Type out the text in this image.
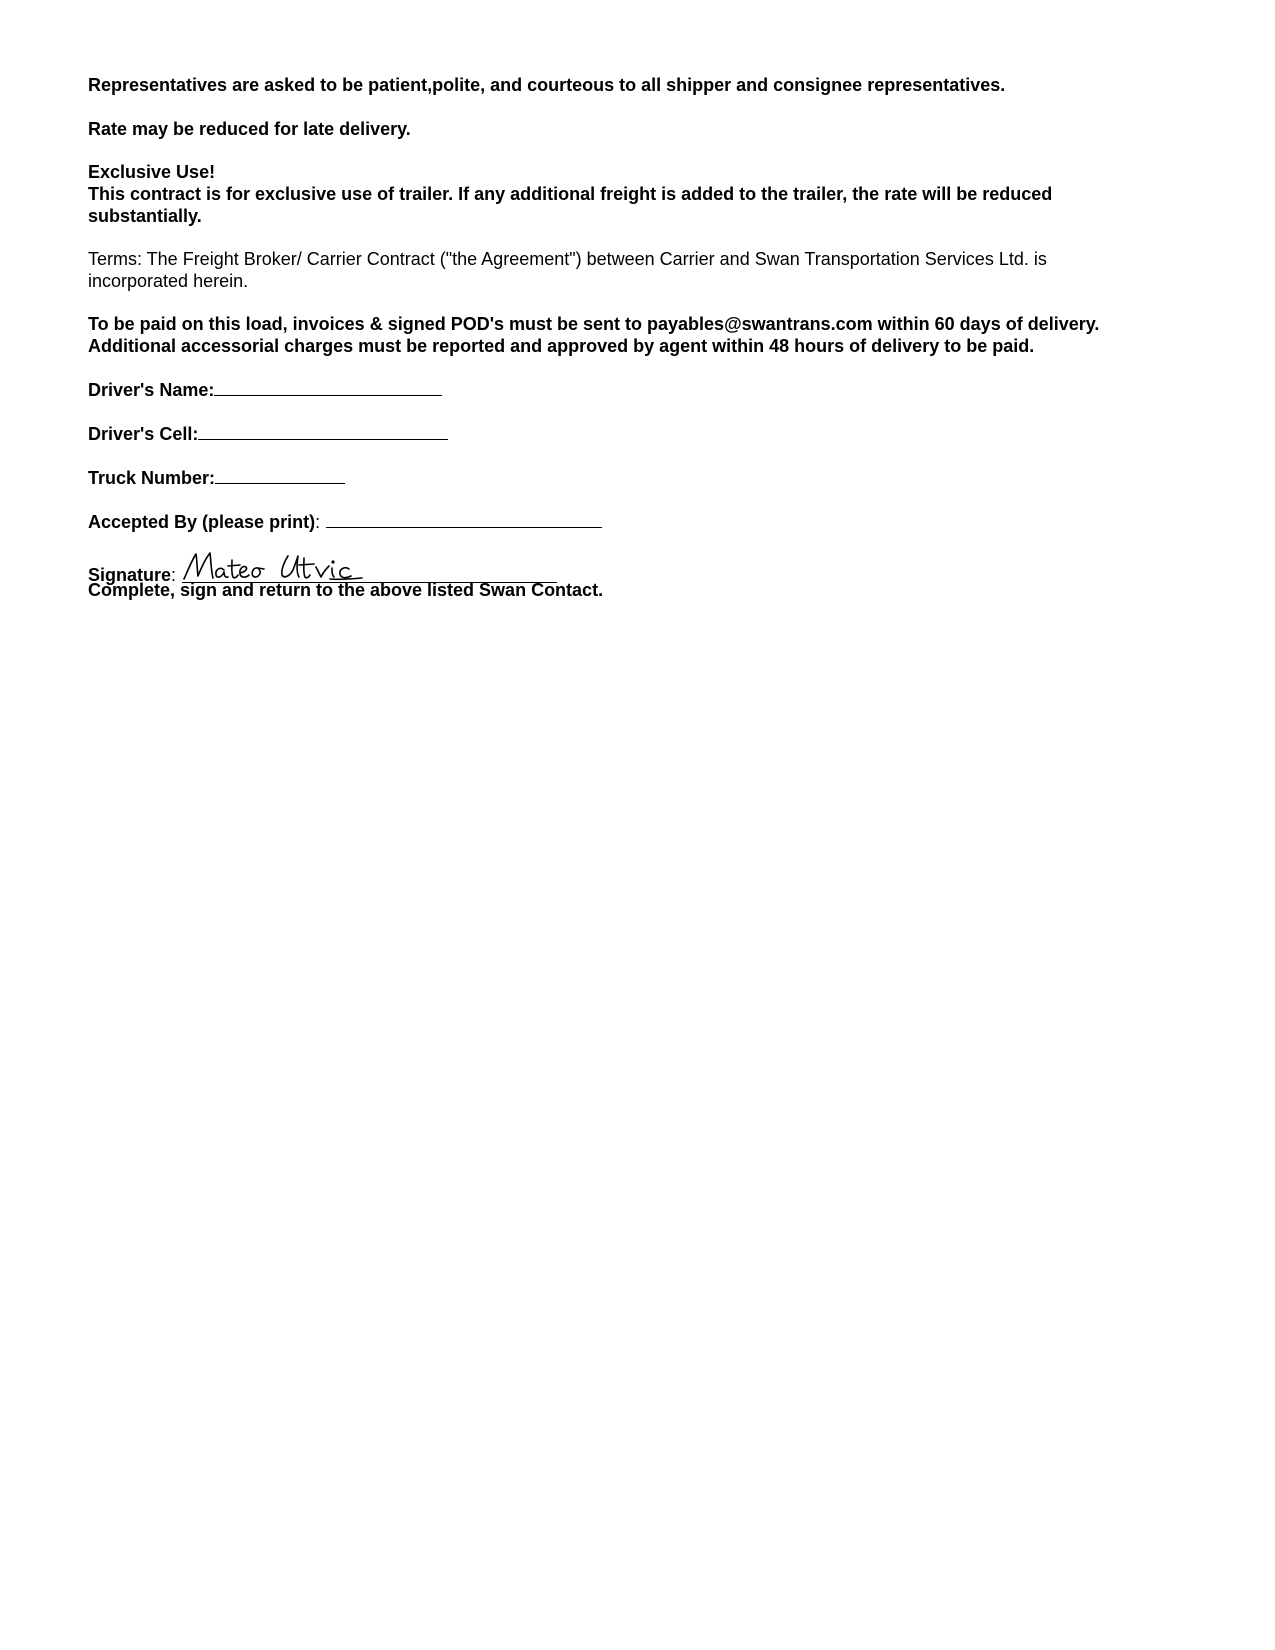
Representatives are asked to be patient,polite, and courteous to all shipper and consignee representatives.
Rate may be reduced for late delivery.
Exclusive Use!
This contract is for exclusive use of trailer. If any additional freight is added to the trailer, the rate will be reduced
substantially.
Terms: The Freight Broker/ Carrier Contract ("the Agreement") between Carrier and Swan Transportation Services Ltd. is
incorporated herein.
To be paid on this load, invoices & signed POD's must be sent to payables@swantrans.com within 60 days of delivery.
Additional accessorial charges must be reported and approved by agent within 48 hours of delivery to be paid.
Driver's Name:
Driver's Cell:
Truck Number:
Accepted By (please print):
Signature:
Complete, sign and return to the above listed Swan Contact.
